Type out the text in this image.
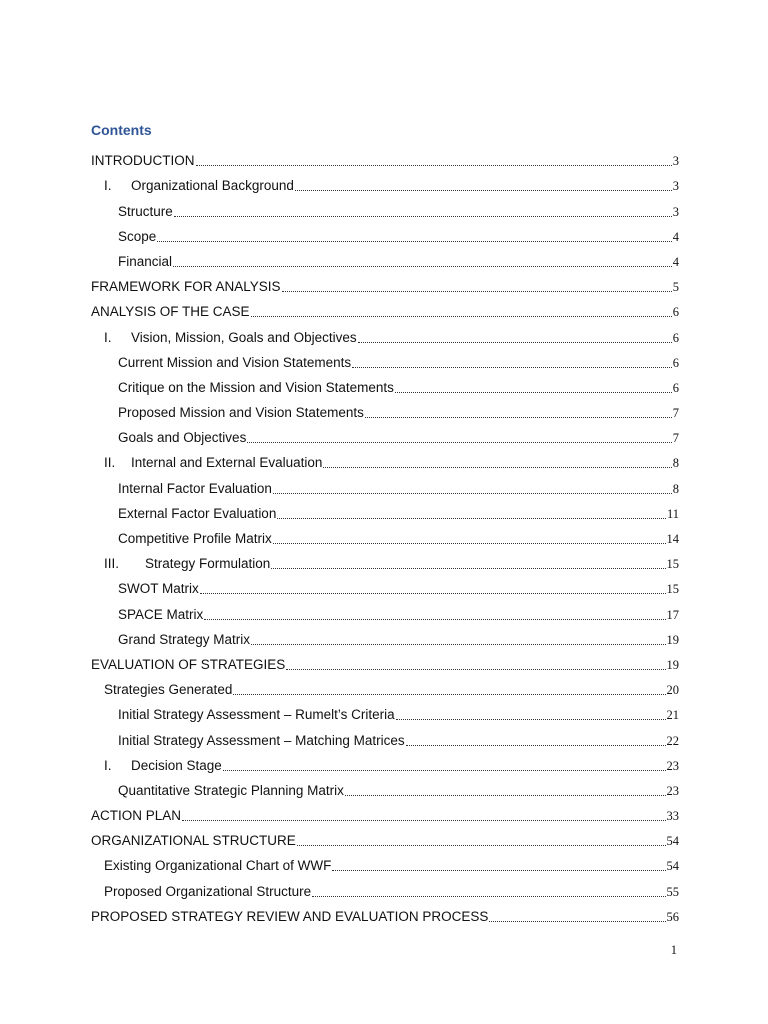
Contents
INTRODUCTION	3
I.	Organizational Background	3
Structure	3
Scope	4
Financial	4
FRAMEWORK FOR ANALYSIS	5
ANALYSIS OF THE CASE	6
I.	Vision, Mission, Goals and Objectives	6
Current Mission and Vision Statements	6
Critique on the Mission and Vision Statements	6
Proposed Mission and Vision Statements	7
Goals and Objectives	7
II.	Internal and External Evaluation	8
Internal Factor Evaluation	8
External Factor Evaluation	11
Competitive Profile Matrix	14
III.	Strategy Formulation	15
SWOT Matrix	15
SPACE Matrix	17
Grand Strategy Matrix	19
EVALUATION OF STRATEGIES	19
Strategies Generated	20
Initial Strategy Assessment – Rumelt’s Criteria	21
Initial Strategy Assessment – Matching Matrices	22
I.	Decision Stage	23
Quantitative Strategic Planning Matrix	23
ACTION PLAN	33
ORGANIZATIONAL STRUCTURE	54
Existing Organizational Chart of WWF	54
Proposed Organizational Structure	55
PROPOSED STRATEGY REVIEW AND EVALUATION PROCESS	56
1
